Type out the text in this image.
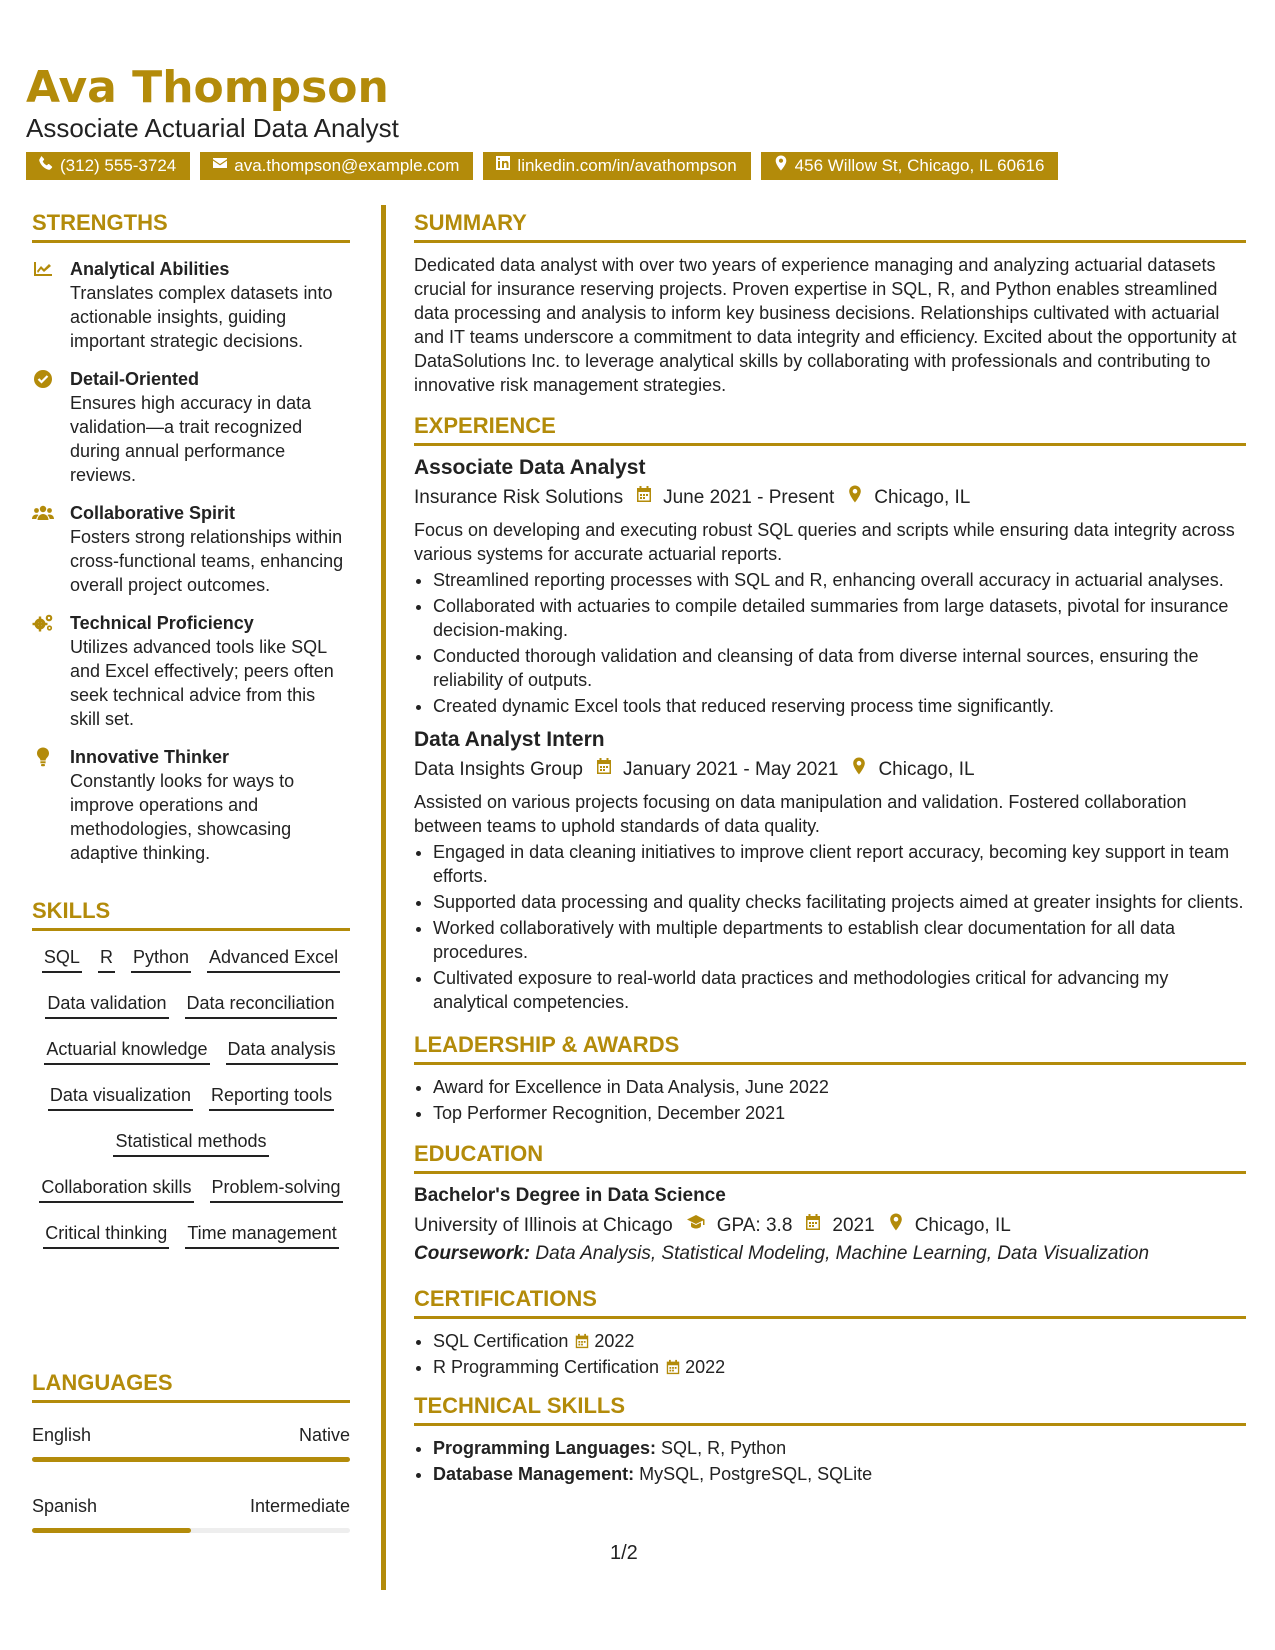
Ava Thompson
Associate Actuarial Data Analyst
(312) 555-3724	ava.thompson@example.com	linkedin.com/in/avathompson	456 Willow St, Chicago, IL 60616
STRENGTHS
Analytical Abilities
Translates complex datasets into actionable insights, guiding important strategic decisions.
Detail-Oriented
Ensures high accuracy in data validation—a trait recognized during annual performance reviews.
Collaborative Spirit
Fosters strong relationships within cross-functional teams, enhancing overall project outcomes.
Technical Proficiency
Utilizes advanced tools like SQL and Excel effectively; peers often seek technical advice from this skill set.
Innovative Thinker
Constantly looks for ways to improve operations and methodologies, showcasing adaptive thinking.
SKILLS
SQL R Python Advanced Excel
Data validation Data reconciliation
Actuarial knowledge Data analysis
Data visualization Reporting tools
Statistical methods
Collaboration skills Problem-solving
Critical thinking Time management
LANGUAGES
English	Native
Spanish	Intermediate
SUMMARY

Dedicated data analyst with over two years of experience managing and analyzing actuarial datasets crucial for insurance reserving projects. Proven expertise in SQL, R, and Python enables streamlined data processing and analysis to inform key business decisions. Relationships cultivated with actuarial and IT teams underscore a commitment to data integrity and efficiency. Excited about the opportunity at DataSolutions Inc. to leverage analytical skills by collaborating with professionals and contributing to innovative risk management strategies.

EXPERIENCE
Associate Data Analyst
Insurance Risk Solutions June 2021 - Present Chicago, IL

Focus on developing and executing robust SQL queries and scripts while ensuring data integrity across various systems for accurate actuarial reports.

• Streamlined reporting processes with SQL and R, enhancing overall accuracy in actuarial analyses.
• Collaborated with actuaries to compile detailed summaries from large datasets, pivotal for insurance decision-making.
• Conducted thorough validation and cleansing of data from diverse internal sources, ensuring the reliability of outputs.
• Created dynamic Excel tools that reduced reserving process time significantly.
Data Analyst Intern
Data Insights Group January 2021 - May 2021 Chicago, IL

Assisted on various projects focusing on data manipulation and validation. Fostered collaboration between teams to uphold standards of data quality.

• Engaged in data cleaning initiatives to improve client report accuracy, becoming key support in team efforts.
• Supported data processing and quality checks facilitating projects aimed at greater insights for clients.
• Worked collaboratively with multiple departments to establish clear documentation for all data procedures.
• Cultivated exposure to real-world data practices and methodologies critical for advancing my analytical competencies.
LEADERSHIP & AWARDS
• Award for Excellence in Data Analysis, June 2022
• Top Performer Recognition, December 2021
EDUCATION
Bachelor's Degree in Data Science
University of Illinois at Chicago GPA: 3.8 2021 Chicago, IL
Coursework: Data Analysis, Statistical Modeling, Machine Learning, Data Visualization
CERTIFICATIONS
• SQL Certification 2022
• R Programming Certification 2022
TECHNICAL SKILLS
• Programming Languages: SQL, R, Python
• Database Management: MySQL, PostgreSQL, SQLite
1/2
